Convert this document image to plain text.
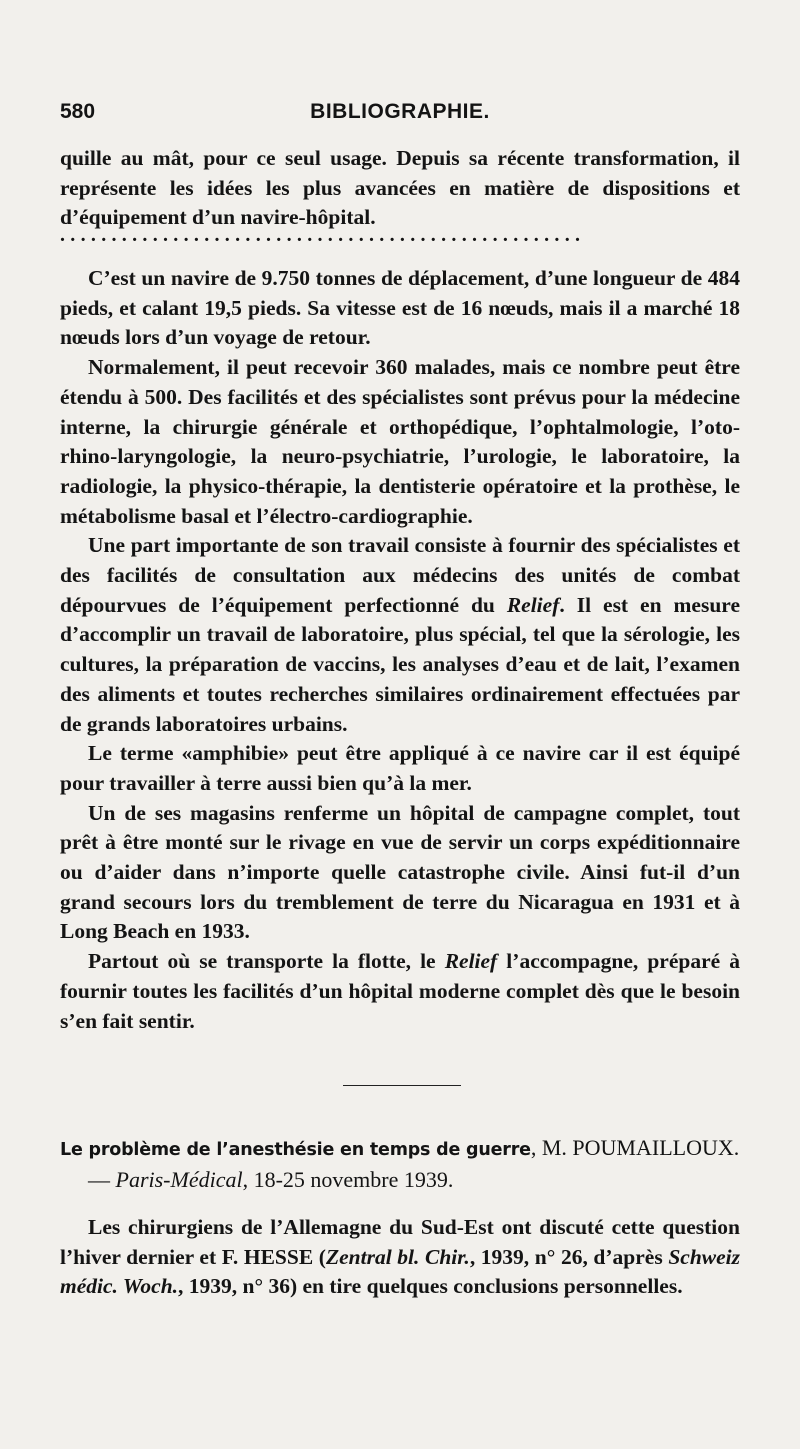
580	BIBLIOGRAPHIE.

quille au mât, pour ce seul usage. Depuis sa récente transformation, il représente les idées les plus avancées en matière de dispositions et d’équipement d’un navire-hôpital.

...................................................

C’est un navire de 9.750 tonnes de déplacement, d’une longueur de 484 pieds, et calant 19,5 pieds. Sa vitesse est de 16 nœuds, mais il a marché 18 nœuds lors d’un voyage de retour.

Normalement, il peut recevoir 360 malades, mais ce nombre peut être étendu à 500. Des facilités et des spécialistes sont prévus pour la médecine interne, la chirurgie générale et orthopédique, l’ophtalmologie, l’oto-rhino-laryngologie, la neuro-psychiatrie, l’urologie, le laboratoire, la radiologie, la physico-thérapie, la dentisterie opératoire et la prothèse, le métabolisme basal et l’électro-cardiographie.

Une part importante de son travail consiste à fournir des spécialistes et des facilités de consultation aux médecins des unités de combat dépourvues de l’équipement perfectionné du Relief. Il est en mesure d’accomplir un travail de laboratoire, plus spécial, tel que la sérologie, les cultures, la préparation de vaccins, les analyses d’eau et de lait, l’examen des aliments et toutes recherches similaires ordinairement effectuées par de grands laboratoires urbains.

Le terme «amphibie» peut être appliqué à ce navire car il est équipé pour travailler à terre aussi bien qu’à la mer.

Un de ses magasins renferme un hôpital de campagne complet, tout prêt à être monté sur le rivage en vue de servir un corps expéditionnaire ou d’aider dans n’importe quelle catastrophe civile. Ainsi fut-il d’un grand secours lors du tremblement de terre du Nicaragua en 1931 et à Long Beach en 1933.

Partout où se transporte la flotte, le Relief l’accompagne, préparé à fournir toutes les facilités d’un hôpital moderne complet dès que le besoin s’en fait sentir.

Le problème de l’anesthésie en temps de guerre, M. POUMAILLOUX.
— Paris-Médical, 18-25 novembre 1939.

Les chirurgiens de l’Allemagne du Sud-Est ont discuté cette question l’hiver dernier et F. HESSE (Zentral bl. Chir., 1939, n° 26, d’après Schweiz médic. Woch., 1939, n° 36) en tire quelques conclusions personnelles.
